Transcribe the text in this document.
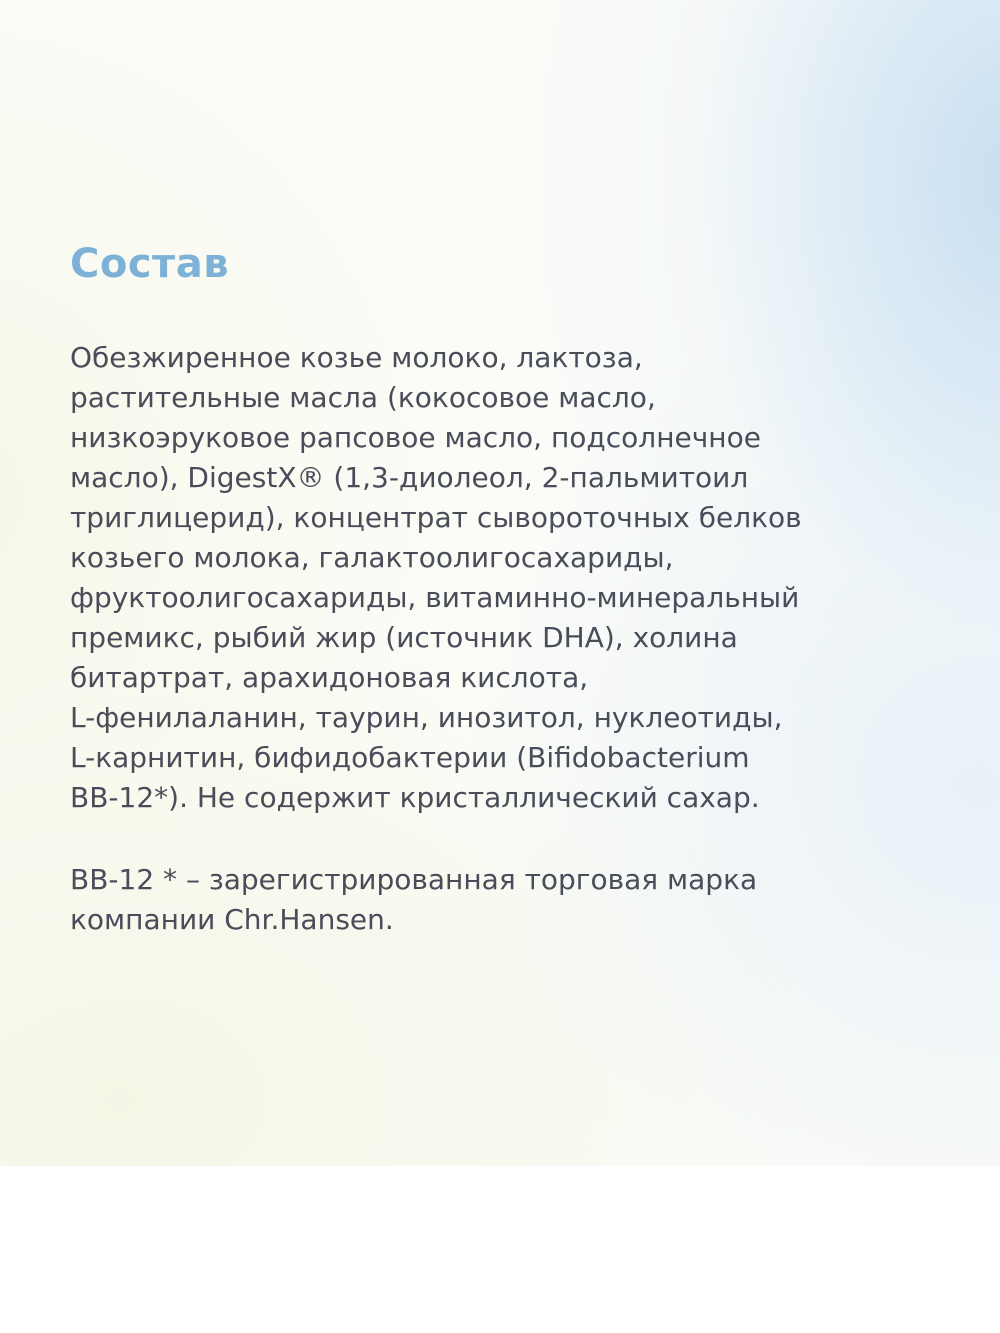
Состав

Обезжиренное козье молоко, лактоза,
растительные масла (кокосовое масло,
низкоэруковое рапсовое масло, подсолнечное
масло), DigestX® (1,3-диолеол, 2-пальмитоил
триглицерид), концентрат сывороточных белков
козьего молока, галактоолигосахариды,
фруктоолигосахариды, витаминно-минеральный
премикс, рыбий жир (источник DHA), холина
битартрат, арахидоновая кислота,
L-фенилаланин, таурин, инозитол, нуклеотиды,
L-карнитин, бифидобактерии (Bifidobacterium
BB-12*). Не содержит кристаллический сахар.

BB-12 * – зарегистрированная торговая марка
компании Chr.Hansen.
